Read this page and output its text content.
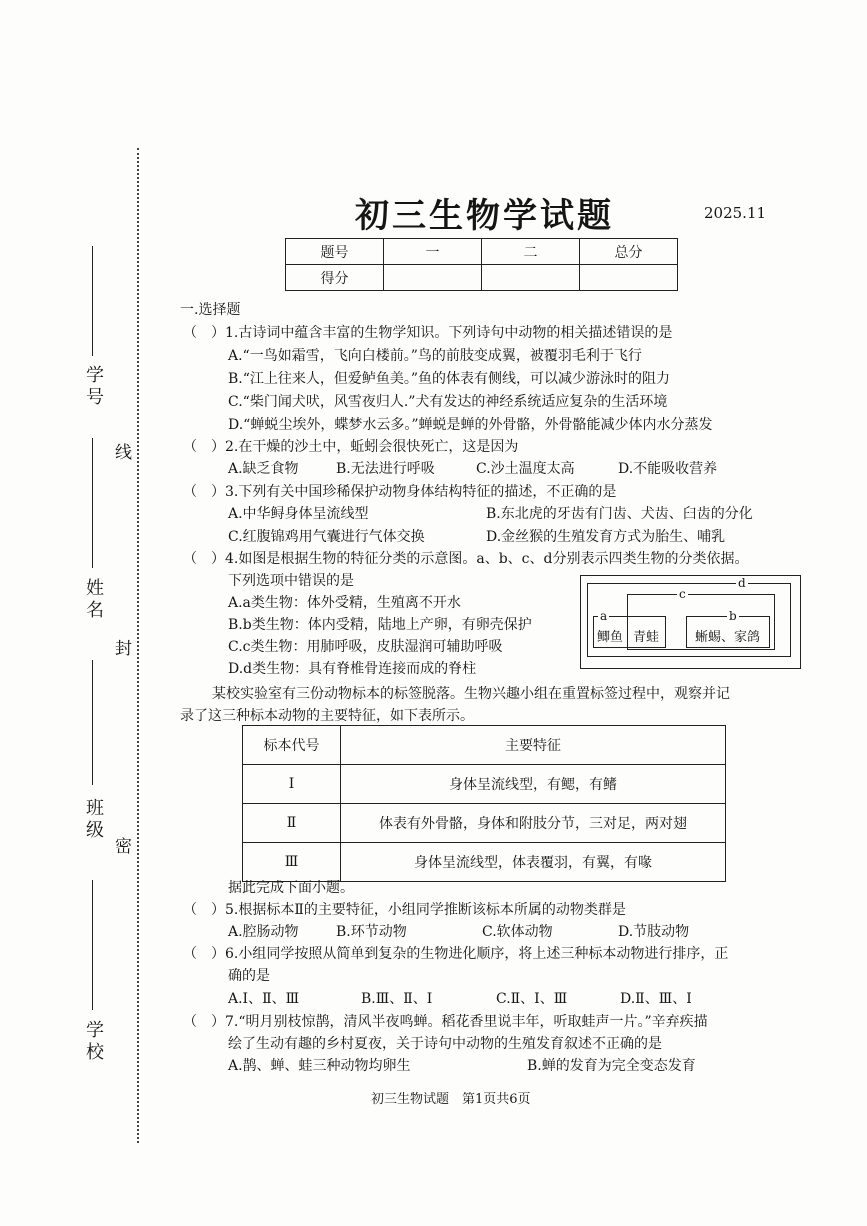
学号
姓名
班级
学校
线
封
密
初三生物学试题	2025.11
题号	一	二	总分
得分			
一.选择题
（　）1.古诗词中蕴含丰富的生物学知识。下列诗句中动物的相关描述错误的是
A.“一鸟如霜雪，飞向白楼前。”鸟的前肢变成翼，被覆羽毛利于飞行
B.“江上往来人，但爱鲈鱼美。”鱼的体表有侧线，可以减少游泳时的阻力
C.“柴门闻犬吠，风雪夜归人.”犬有发达的神经系统适应复杂的生活环境
D.“蝉蜕尘埃外，蝶梦水云多。”蝉蜕是蝉的外骨骼，外骨骼能减少体内水分蒸发
（　）2.在干燥的沙土中，蚯蚓会很快死亡，这是因为
A.缺乏食物	B.无法进行呼吸	C.沙土温度太高	D.不能吸收营养
（　）3.下列有关中国珍稀保护动物身体结构特征的描述，不正确的是
A.中华鲟身体呈流线型	B.东北虎的牙齿有门齿、犬齿、臼齿的分化
C.红腹锦鸡用气囊进行气体交换	D.金丝猴的生殖发育方式为胎生、哺乳
（　）4.如图是根据生物的特征分类的示意图。a、b、c、d分别表示四类生物的分类依据。
下列选项中错误的是
A.a类生物：体外受精，生殖离不开水
B.b类生物：体内受精，陆地上产卵，有卵壳保护
C.c类生物：用肺呼吸，皮肤湿润可辅助呼吸
D.d类生物：具有脊椎骨连接而成的脊柱
d
c
a	b
鲫鱼 青蛙	蜥蜴、家鸽
某校实验室有三份动物标本的标签脱落。生物兴趣小组在重置标签过程中，观察并记
录了这三种标本动物的主要特征，如下表所示。
标本代号	主要特征
Ⅰ	身体呈流线型，有鳃，有鳍
Ⅱ	体表有外骨骼，身体和附肢分节，三对足，两对翅
Ⅲ	身体呈流线型，体表覆羽，有翼，有喙
据此完成下面小题。
（　）5.根据标本Ⅱ的主要特征，小组同学推断该标本所属的动物类群是
A.腔肠动物	B.环节动物	C.软体动物	D.节肢动物
（　）6.小组同学按照从简单到复杂的生物进化顺序，将上述三种标本动物进行排序，正
确的是
A.Ⅰ、Ⅱ、Ⅲ	B.Ⅲ、Ⅱ、Ⅰ	C.Ⅱ、Ⅰ、Ⅲ	D.Ⅱ、Ⅲ、Ⅰ
（　）7.“明月别枝惊鹊，清风半夜鸣蝉。稻花香里说丰年，听取蛙声一片。”辛弃疾描
绘了生动有趣的乡村夏夜，关于诗句中动物的生殖发育叙述不正确的是
A.鹊、蝉、蛙三种动物均卵生	B.蝉的发育为完全变态发育
初三生物试题　第1页共6页
